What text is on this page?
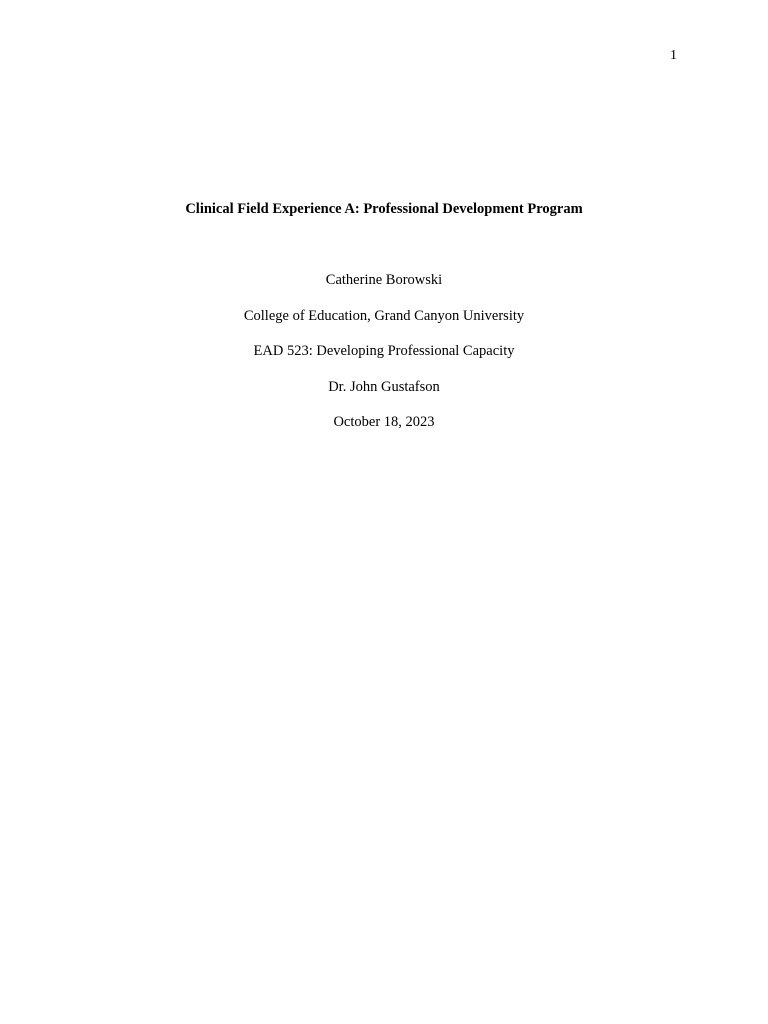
1
Clinical Field Experience A: Professional Development Program
Catherine Borowski
College of Education, Grand Canyon University
EAD 523: Developing Professional Capacity
Dr. John Gustafson
October 18, 2023
